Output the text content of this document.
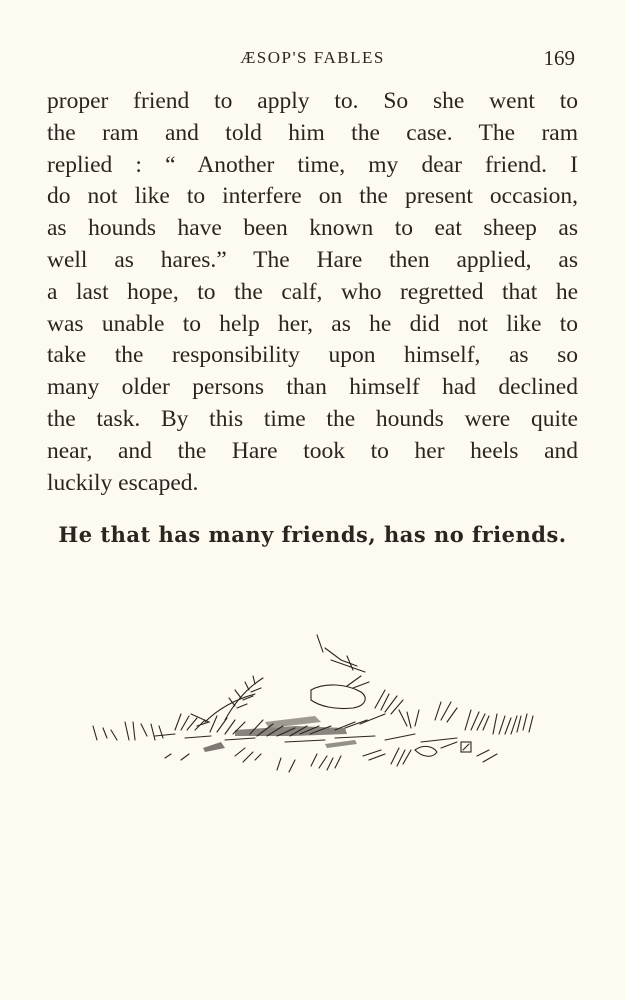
ÆSOP'S FABLES	169
proper friend to apply to. So she went to
the ram and told him the case. The ram
replied : “ Another time, my dear friend. I
do not like to interfere on the present occasion,
as hounds have been known to eat sheep as
well as hares.” The Hare then applied, as
a last hope, to the calf, who regretted that he
was unable to help her, as he did not like to
take the responsibility upon himself, as so
many older persons than himself had declined
the task. By this time the hounds were quite
near, and the Hare took to her heels and
luckily escaped.
He that has many friends, has no friends.
